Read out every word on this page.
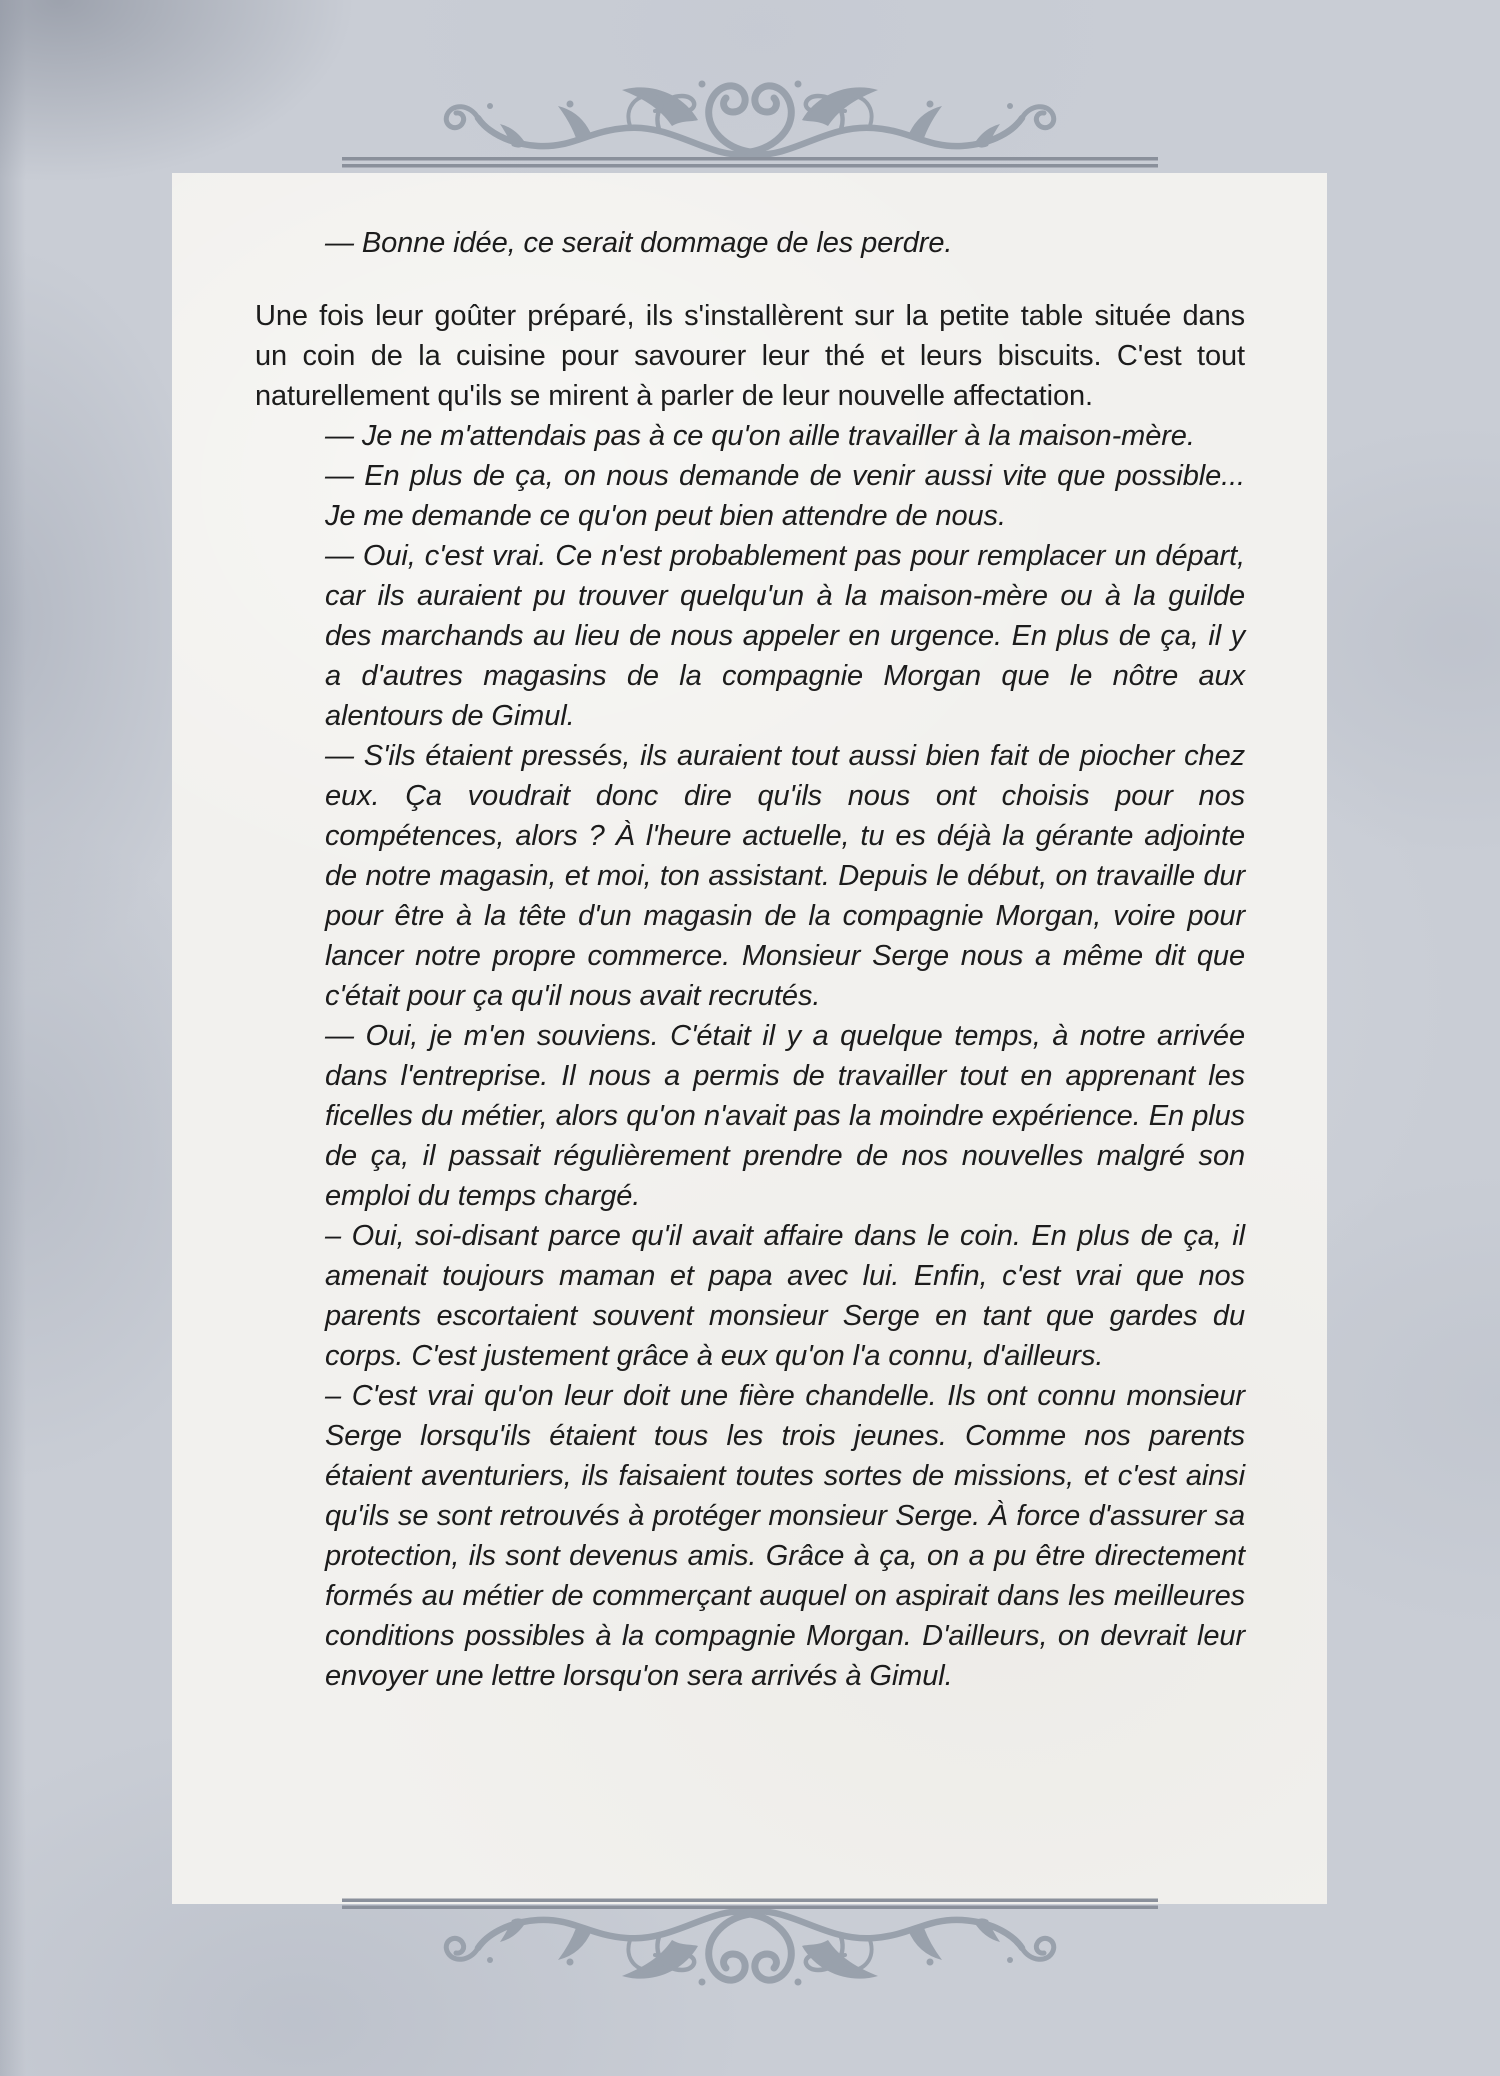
— Bonne idée, ce serait dommage de les perdre.

Une fois leur goûter préparé, ils s'installèrent sur la petite table située dans un coin de la cuisine pour savourer leur thé et leurs biscuits. C'est tout naturellement qu'ils se mirent à parler de leur nouvelle affectation.

— Je ne m'attendais pas à ce qu'on aille travailler à la maison-mère.

— En plus de ça, on nous demande de venir aussi vite que possible... Je me demande ce qu'on peut bien attendre de nous.

— Oui, c'est vrai. Ce n'est probablement pas pour remplacer un départ, car ils auraient pu trouver quelqu'un à la maison-mère ou à la guilde des marchands au lieu de nous appeler en urgence. En plus de ça, il y a d'autres magasins de la compagnie Morgan que le nôtre aux alentours de Gimul.

— S'ils étaient pressés, ils auraient tout aussi bien fait de piocher chez eux. Ça voudrait donc dire qu'ils nous ont choisis pour nos compétences, alors ? À l'heure actuelle, tu es déjà la gérante adjointe de notre magasin, et moi, ton assistant. Depuis le début, on travaille dur pour être à la tête d'un magasin de la compagnie Morgan, voire pour lancer notre propre commerce. Monsieur Serge nous a même dit que c'était pour ça qu'il nous avait recrutés.

— Oui, je m'en souviens. C'était il y a quelque temps, à notre arrivée dans l'entreprise. Il nous a permis de travailler tout en apprenant les ficelles du métier, alors qu'on n'avait pas la moindre expérience. En plus de ça, il passait régulièrement prendre de nos nouvelles malgré son emploi du temps chargé.

– Oui, soi-disant parce qu'il avait affaire dans le coin. En plus de ça, il amenait toujours maman et papa avec lui. Enfin, c'est vrai que nos parents escortaient souvent monsieur Serge en tant que gardes du corps. C'est justement grâce à eux qu'on l'a connu, d'ailleurs.

– C'est vrai qu'on leur doit une fière chandelle. Ils ont connu monsieur Serge lorsqu'ils étaient tous les trois jeunes. Comme nos parents étaient aventuriers, ils faisaient toutes sortes de missions, et c'est ainsi qu'ils se sont retrouvés à protéger monsieur Serge. À force d'assurer sa protection, ils sont devenus amis. Grâce à ça, on a pu être directement formés au métier de commerçant auquel on aspirait dans les meilleures conditions possibles à la compagnie Morgan. D'ailleurs, on devrait leur envoyer une lettre lorsqu'on sera arrivés à Gimul.
